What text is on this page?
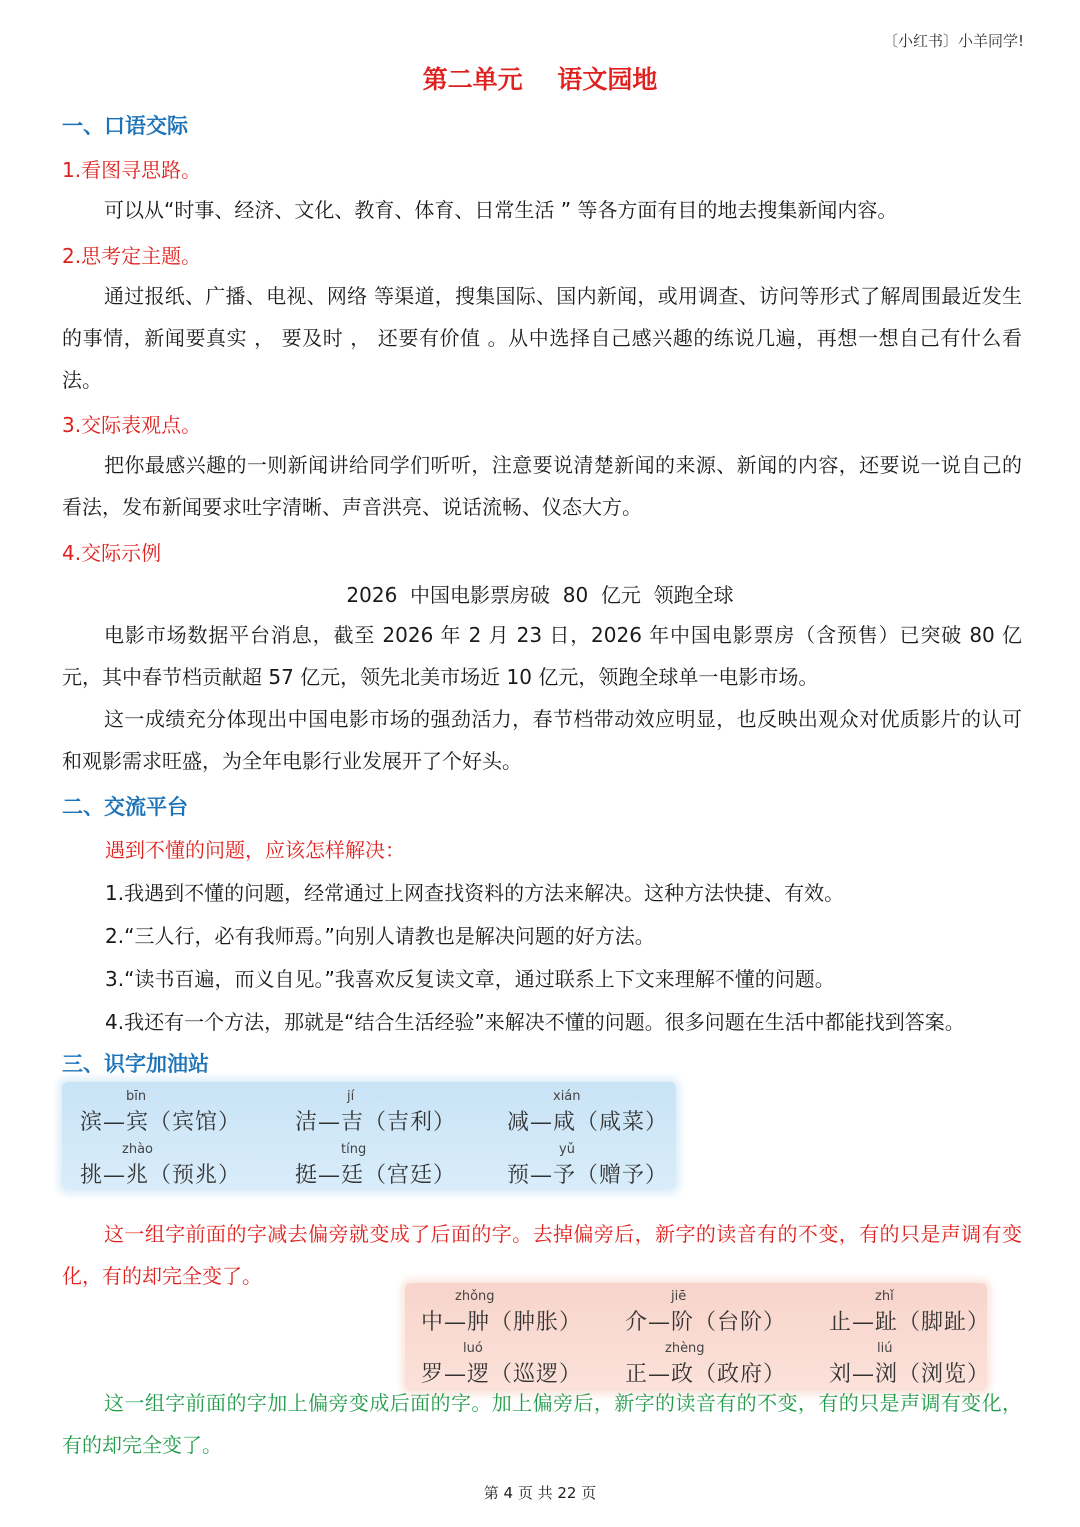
〔小红书〕小羊同学!
第二单元    语文园地
一、口语交际
1.看图寻思路。

可以从“时事、经济、文化、教育、体育、日常生活 ” 等各方面有目的地去搜集新闻内容。

2.思考定主题。

通过报纸、广播、电视、网络 等渠道，搜集国际、国内新闻，或用调查、访问等形式了解周围最近发生的事情，新闻要真实 ， 要及时 ， 还要有价值 。从中选择自己感兴趣的练说几遍，再想一想自己有什么看法。

3.交际表观点。

把你最感兴趣的一则新闻讲给同学们听听，注意要说清楚新闻的来源、新闻的内容，还要说一说自己的看法，发布新闻要求吐字清晰、声音洪亮、说话流畅、仪态大方。

4.交际示例
2026  中国电影票房破  80  亿元  领跑全球

电影市场数据平台消息，截至 2026 年 2 月 23 日，2026 年中国电影票房（含预售）已突破 80 亿元，其中春节档贡献超 57 亿元，领先北美市场近 10 亿元，领跑全球单一电影市场。

这一成绩充分体现出中国电影市场的强劲活力，春节档带动效应明显，也反映出观众对优质影片的认可和观影需求旺盛，为全年电影行业发展开了个好头。

二、交流平台
遇到不懂的问题，应该怎样解决：
1.我遇到不懂的问题，经常通过上网查找资料的方法来解决。这种方法快捷、有效。
2.“三人行，必有我师焉。”向别人请教也是解决问题的好方法。
3.“读书百遍，而义自见。”我喜欢反复读文章，通过联系上下文来理解不懂的问题。
4.我还有一个方法，那就是“结合生活经验”来解决不懂的问题。很多问题在生活中都能找到答案。
三、识字加油站
bīn
滨—宾（宾馆）
jí
洁—吉（吉利）
xián
减—咸（咸菜）
zhào
挑—兆（预兆）
tíng
挺—廷（宫廷）
yǔ
预—予（赠予）

这一组字前面的字减去偏旁就变成了后面的字。去掉偏旁后，新字的读音有的不变，有的只是声调有变化，有的却完全变了。

zhǒng
中—肿（肿胀）
jiē
介—阶（台阶）
zhǐ
止—趾（脚趾）
luó
罗—逻（巡逻）
zhèng
正—政（政府）
liú
刘—浏（浏览）

这一组字前面的字加上偏旁变成后面的字。加上偏旁后，新字的读音有的不变，有的只是声调有变化，有的却完全变了。

第 4 页 共 22 页
